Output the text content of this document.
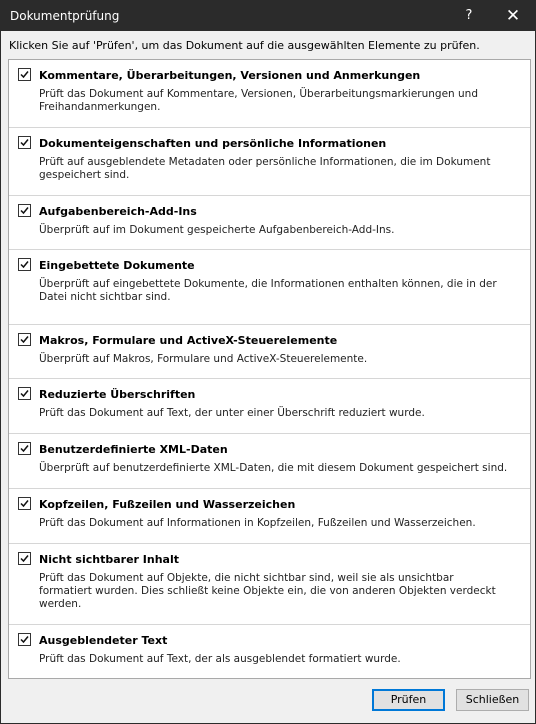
Dokumentprüfung	?	✕
Klicken Sie auf 'Prüfen', um das Dokument auf die ausgewählten Elemente zu prüfen.
Kommentare, Überarbeitungen, Versionen und Anmerkungen
Prüft das Dokument auf Kommentare, Versionen, Überarbeitungsmarkierungen und Freihandanmerkungen.
Dokumenteigenschaften und persönliche Informationen
Prüft auf ausgeblendete Metadaten oder persönliche Informationen, die im Dokument gespeichert sind.
Aufgabenbereich-Add-Ins
Überprüft auf im Dokument gespeicherte Aufgabenbereich-Add-Ins.
Eingebettete Dokumente
Überprüft auf eingebettete Dokumente, die Informationen enthalten können, die in der Datei nicht sichtbar sind.
Makros, Formulare und ActiveX-Steuerelemente
Überprüft auf Makros, Formulare und ActiveX-Steuerelemente.
Reduzierte Überschriften
Prüft das Dokument auf Text, der unter einer Überschrift reduziert wurde.
Benutzerdefinierte XML-Daten
Überprüft auf benutzerdefinierte XML-Daten, die mit diesem Dokument gespeichert sind.
Kopfzeilen, Fußzeilen und Wasserzeichen
Prüft das Dokument auf Informationen in Kopfzeilen, Fußzeilen und Wasserzeichen.
Nicht sichtbarer Inhalt
Prüft das Dokument auf Objekte, die nicht sichtbar sind, weil sie als unsichtbar formatiert wurden. Dies schließt keine Objekte ein, die von anderen Objekten verdeckt werden.
Ausgeblendeter Text
Prüft das Dokument auf Text, der als ausgeblendet formatiert wurde.
Prüfen	Schließen
